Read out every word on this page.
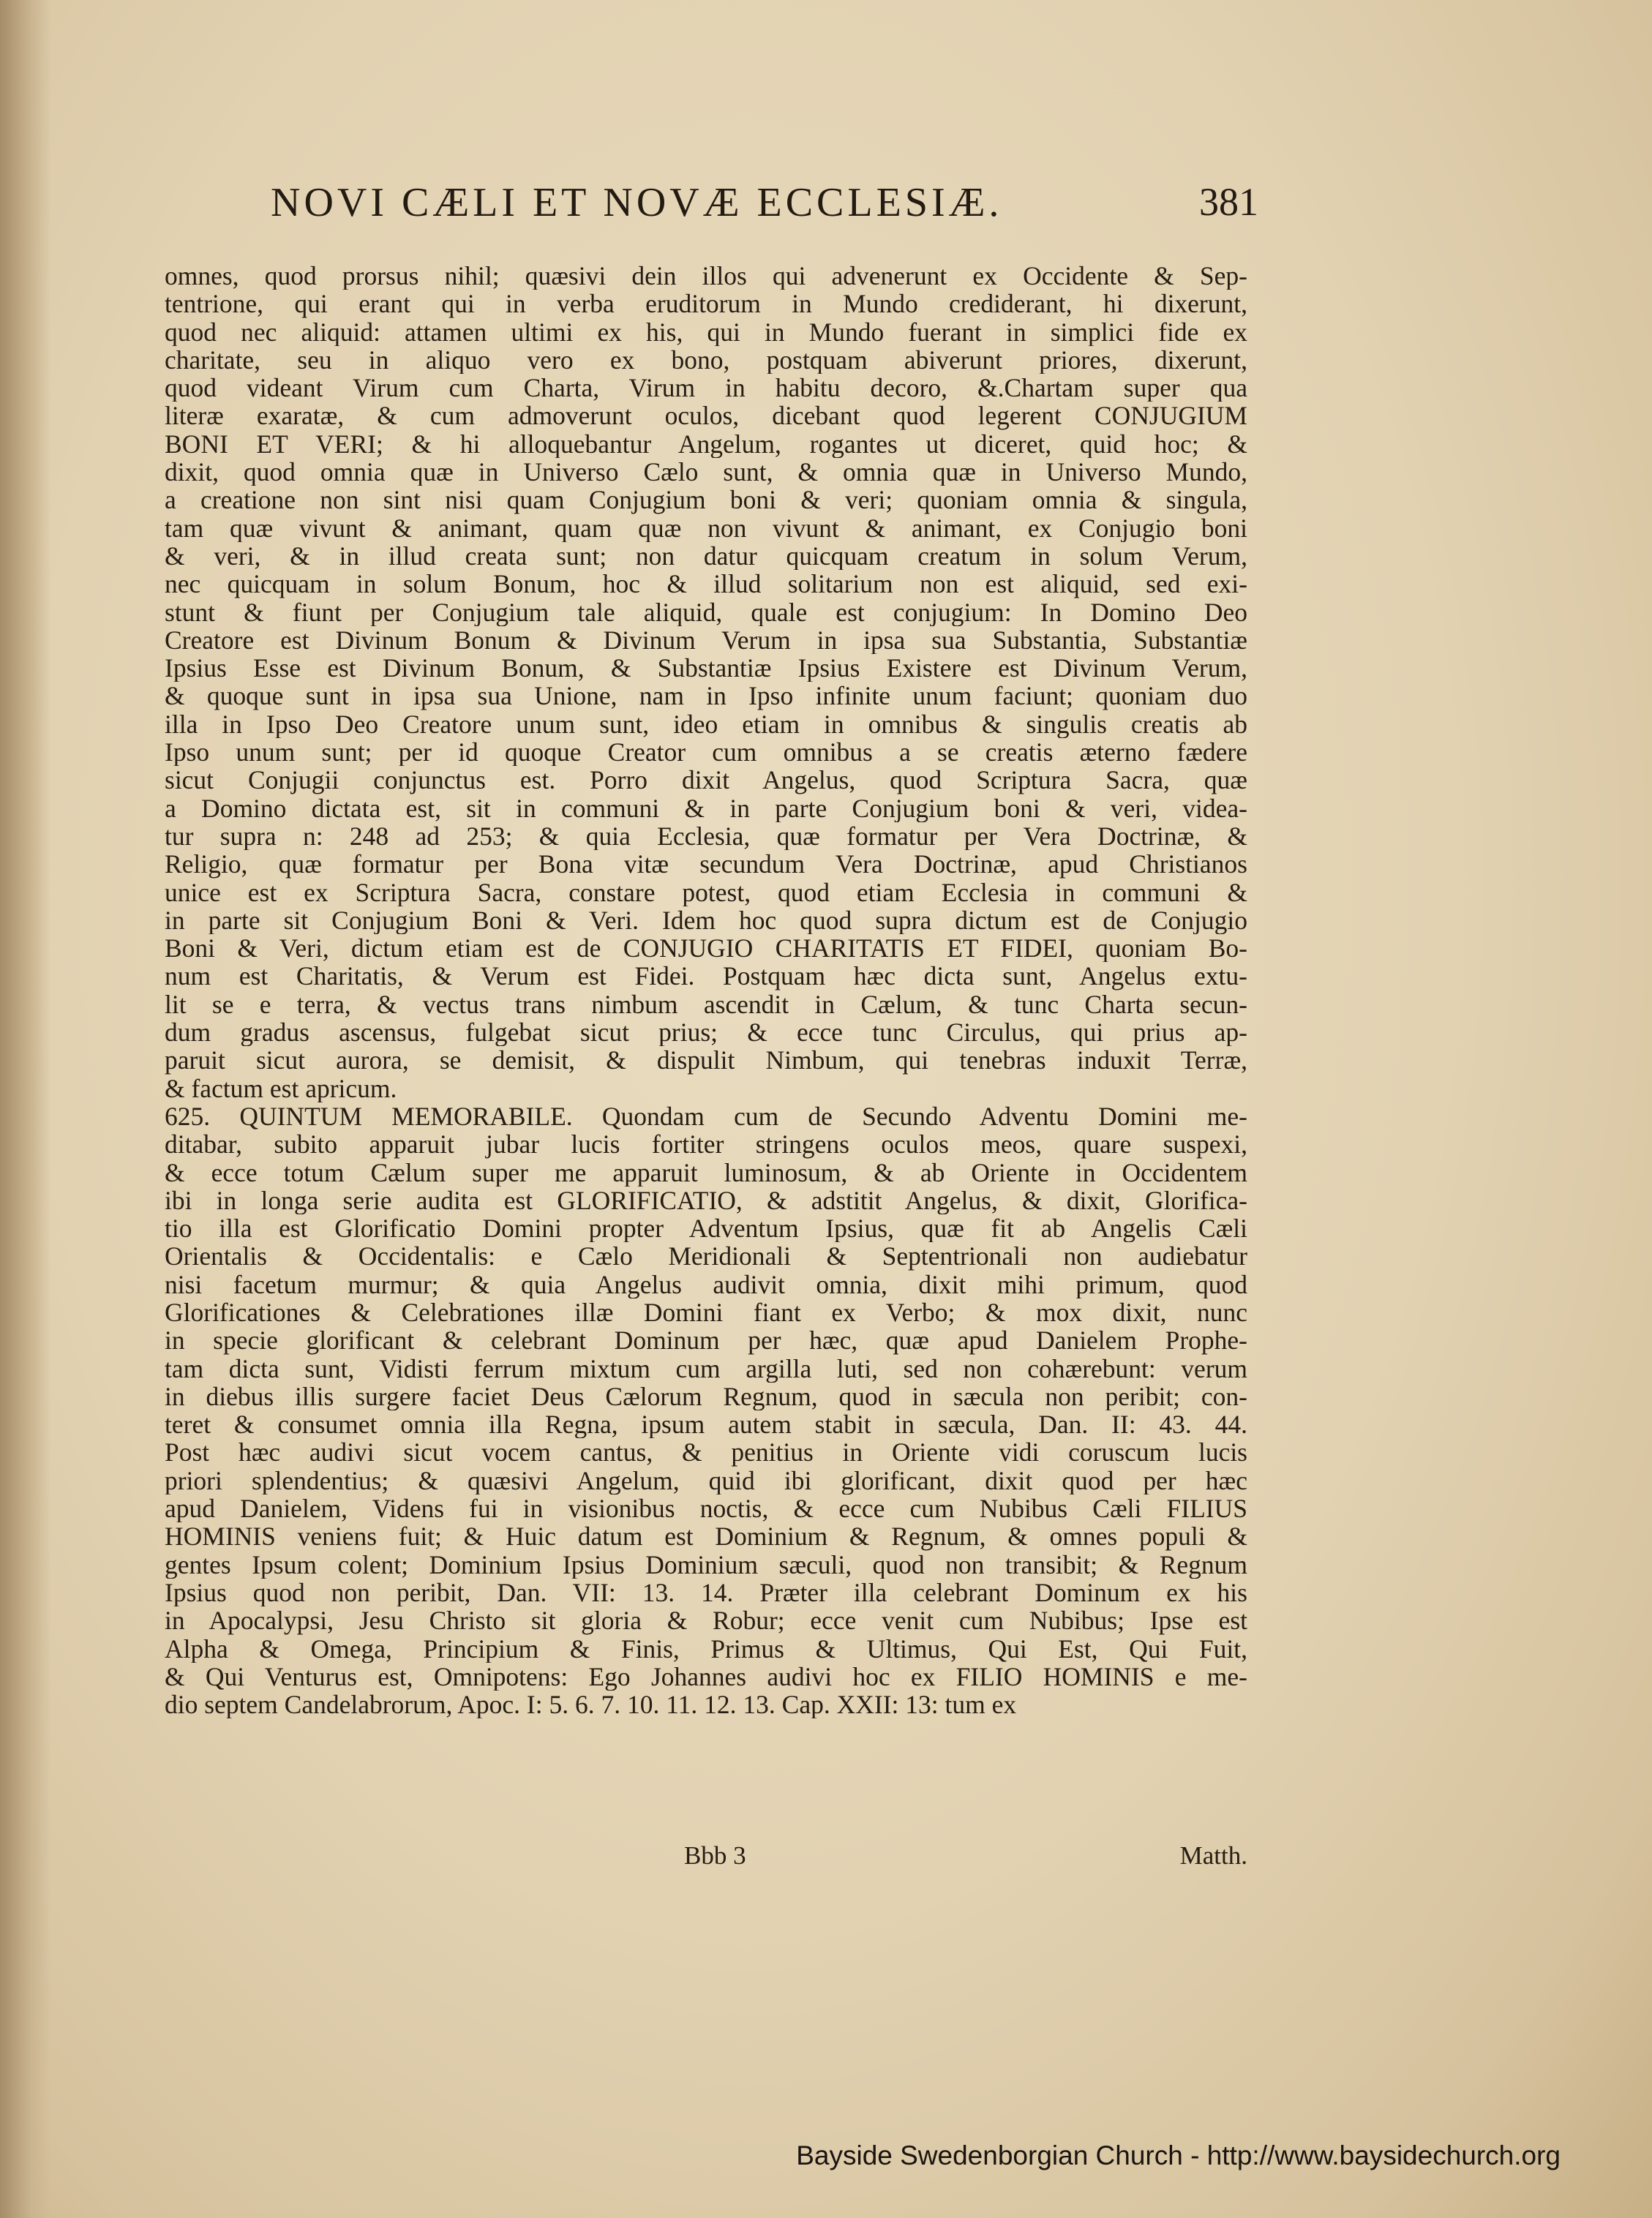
NOVI CÆLI ET NOVÆ ECCLESIÆ.	381
omnes, quod prorsus nihil; quæsivi dein illos qui advenerunt ex Occidente & Sep-
tentrione, qui erant qui in verba eruditorum in Mundo crediderant, hi dixerunt,
quod nec aliquid: attamen ultimi ex his, qui in Mundo fuerant in simplici fide ex
charitate, seu in aliquo vero ex bono, postquam abiverunt priores, dixerunt,
quod videant Virum cum Charta, Virum in habitu decoro, &.Chartam super qua
literæ exaratæ, & cum admoverunt oculos, dicebant quod legerent CONJUGIUM
BONI ET VERI; & hi alloquebantur Angelum, rogantes ut diceret, quid hoc; &
dixit, quod omnia quæ in Universo Cælo sunt, & omnia quæ in Universo Mundo,
a creatione non sint nisi quam Conjugium boni & veri; quoniam omnia & singula,
tam quæ vivunt & animant, quam quæ non vivunt & animant, ex Conjugio boni
& veri, & in illud creata sunt; non datur quicquam creatum in solum Verum,
nec quicquam in solum Bonum, hoc & illud solitarium non est aliquid, sed exi-
stunt & fiunt per Conjugium tale aliquid, quale est conjugium: In Domino Deo
Creatore est Divinum Bonum & Divinum Verum in ipsa sua Substantia, Substantiæ
Ipsius Esse est Divinum Bonum, & Substantiæ Ipsius Existere est Divinum Verum,
& quoque sunt in ipsa sua Unione, nam in Ipso infinite unum faciunt; quoniam duo
illa in Ipso Deo Creatore unum sunt, ideo etiam in omnibus & singulis creatis ab
Ipso unum sunt; per id quoque Creator cum omnibus a se creatis æterno fædere
sicut Conjugii conjunctus est. Porro dixit Angelus, quod Scriptura Sacra, quæ
a Domino dictata est, sit in communi & in parte Conjugium boni & veri, videa-
tur supra n: 248 ad 253; & quia Ecclesia, quæ formatur per Vera Doctrinæ, &
Religio, quæ formatur per Bona vitæ secundum Vera Doctrinæ, apud Christianos
unice est ex Scriptura Sacra, constare potest, quod etiam Ecclesia in communi &
in parte sit Conjugium Boni & Veri. Idem hoc quod supra dictum est de Conjugio
Boni & Veri, dictum etiam est de CONJUGIO CHARITATIS ET FIDEI, quoniam Bo-
num est Charitatis, & Verum est Fidei. Postquam hæc dicta sunt, Angelus extu-
lit se e terra, & vectus trans nimbum ascendit in Cælum, & tunc Charta secun-
dum gradus ascensus, fulgebat sicut prius; & ecce tunc Circulus, qui prius ap-
paruit sicut aurora, se demisit, & dispulit Nimbum, qui tenebras induxit Terræ,
& factum est apricum.
625. QUINTUM MEMORABILE. Quondam cum de Secundo Adventu Domini me-
ditabar, subito apparuit jubar lucis fortiter stringens oculos meos, quare suspexi,
& ecce totum Cælum super me apparuit luminosum, & ab Oriente in Occidentem
ibi in longa serie audita est GLORIFICATIO, & adstitit Angelus, & dixit, Glorifica-
tio illa est Glorificatio Domini propter Adventum Ipsius, quæ fit ab Angelis Cæli
Orientalis & Occidentalis: e Cælo Meridionali & Septentrionali non audiebatur
nisi facetum murmur; & quia Angelus audivit omnia, dixit mihi primum, quod
Glorificationes & Celebrationes illæ Domini fiant ex Verbo; & mox dixit, nunc
in specie glorificant & celebrant Dominum per hæc, quæ apud Danielem Prophe-
tam dicta sunt, Vidisti ferrum mixtum cum argilla luti, sed non cohærebunt: verum
in diebus illis surgere faciet Deus Cælorum Regnum, quod in sæcula non peribit; con-
teret & consumet omnia illa Regna, ipsum autem stabit in sæcula, Dan. II: 43. 44.
Post hæc audivi sicut vocem cantus, & penitius in Oriente vidi coruscum lucis
priori splendentius; & quæsivi Angelum, quid ibi glorificant, dixit quod per hæc
apud Danielem, Videns fui in visionibus noctis, & ecce cum Nubibus Cæli FILIUS
HOMINIS veniens fuit; & Huic datum est Dominium & Regnum, & omnes populi &
gentes Ipsum colent; Dominium Ipsius Dominium sæculi, quod non transibit; & Regnum
Ipsius quod non peribit, Dan. VII: 13. 14. Præter illa celebrant Dominum ex his
in Apocalypsi, Jesu Christo sit gloria & Robur; ecce venit cum Nubibus; Ipse est
Alpha & Omega, Principium & Finis, Primus & Ultimus, Qui Est, Qui Fuit,
& Qui Venturus est, Omnipotens: Ego Johannes audivi hoc ex FILIO HOMINIS e me-
dio septem Candelabrorum, Apoc. I: 5. 6. 7. 10. 11. 12. 13. Cap. XXII: 13: tum ex
Bbb 3	Matth.
Bayside Swedenborgian Church - http://www.baysidechurch.org
